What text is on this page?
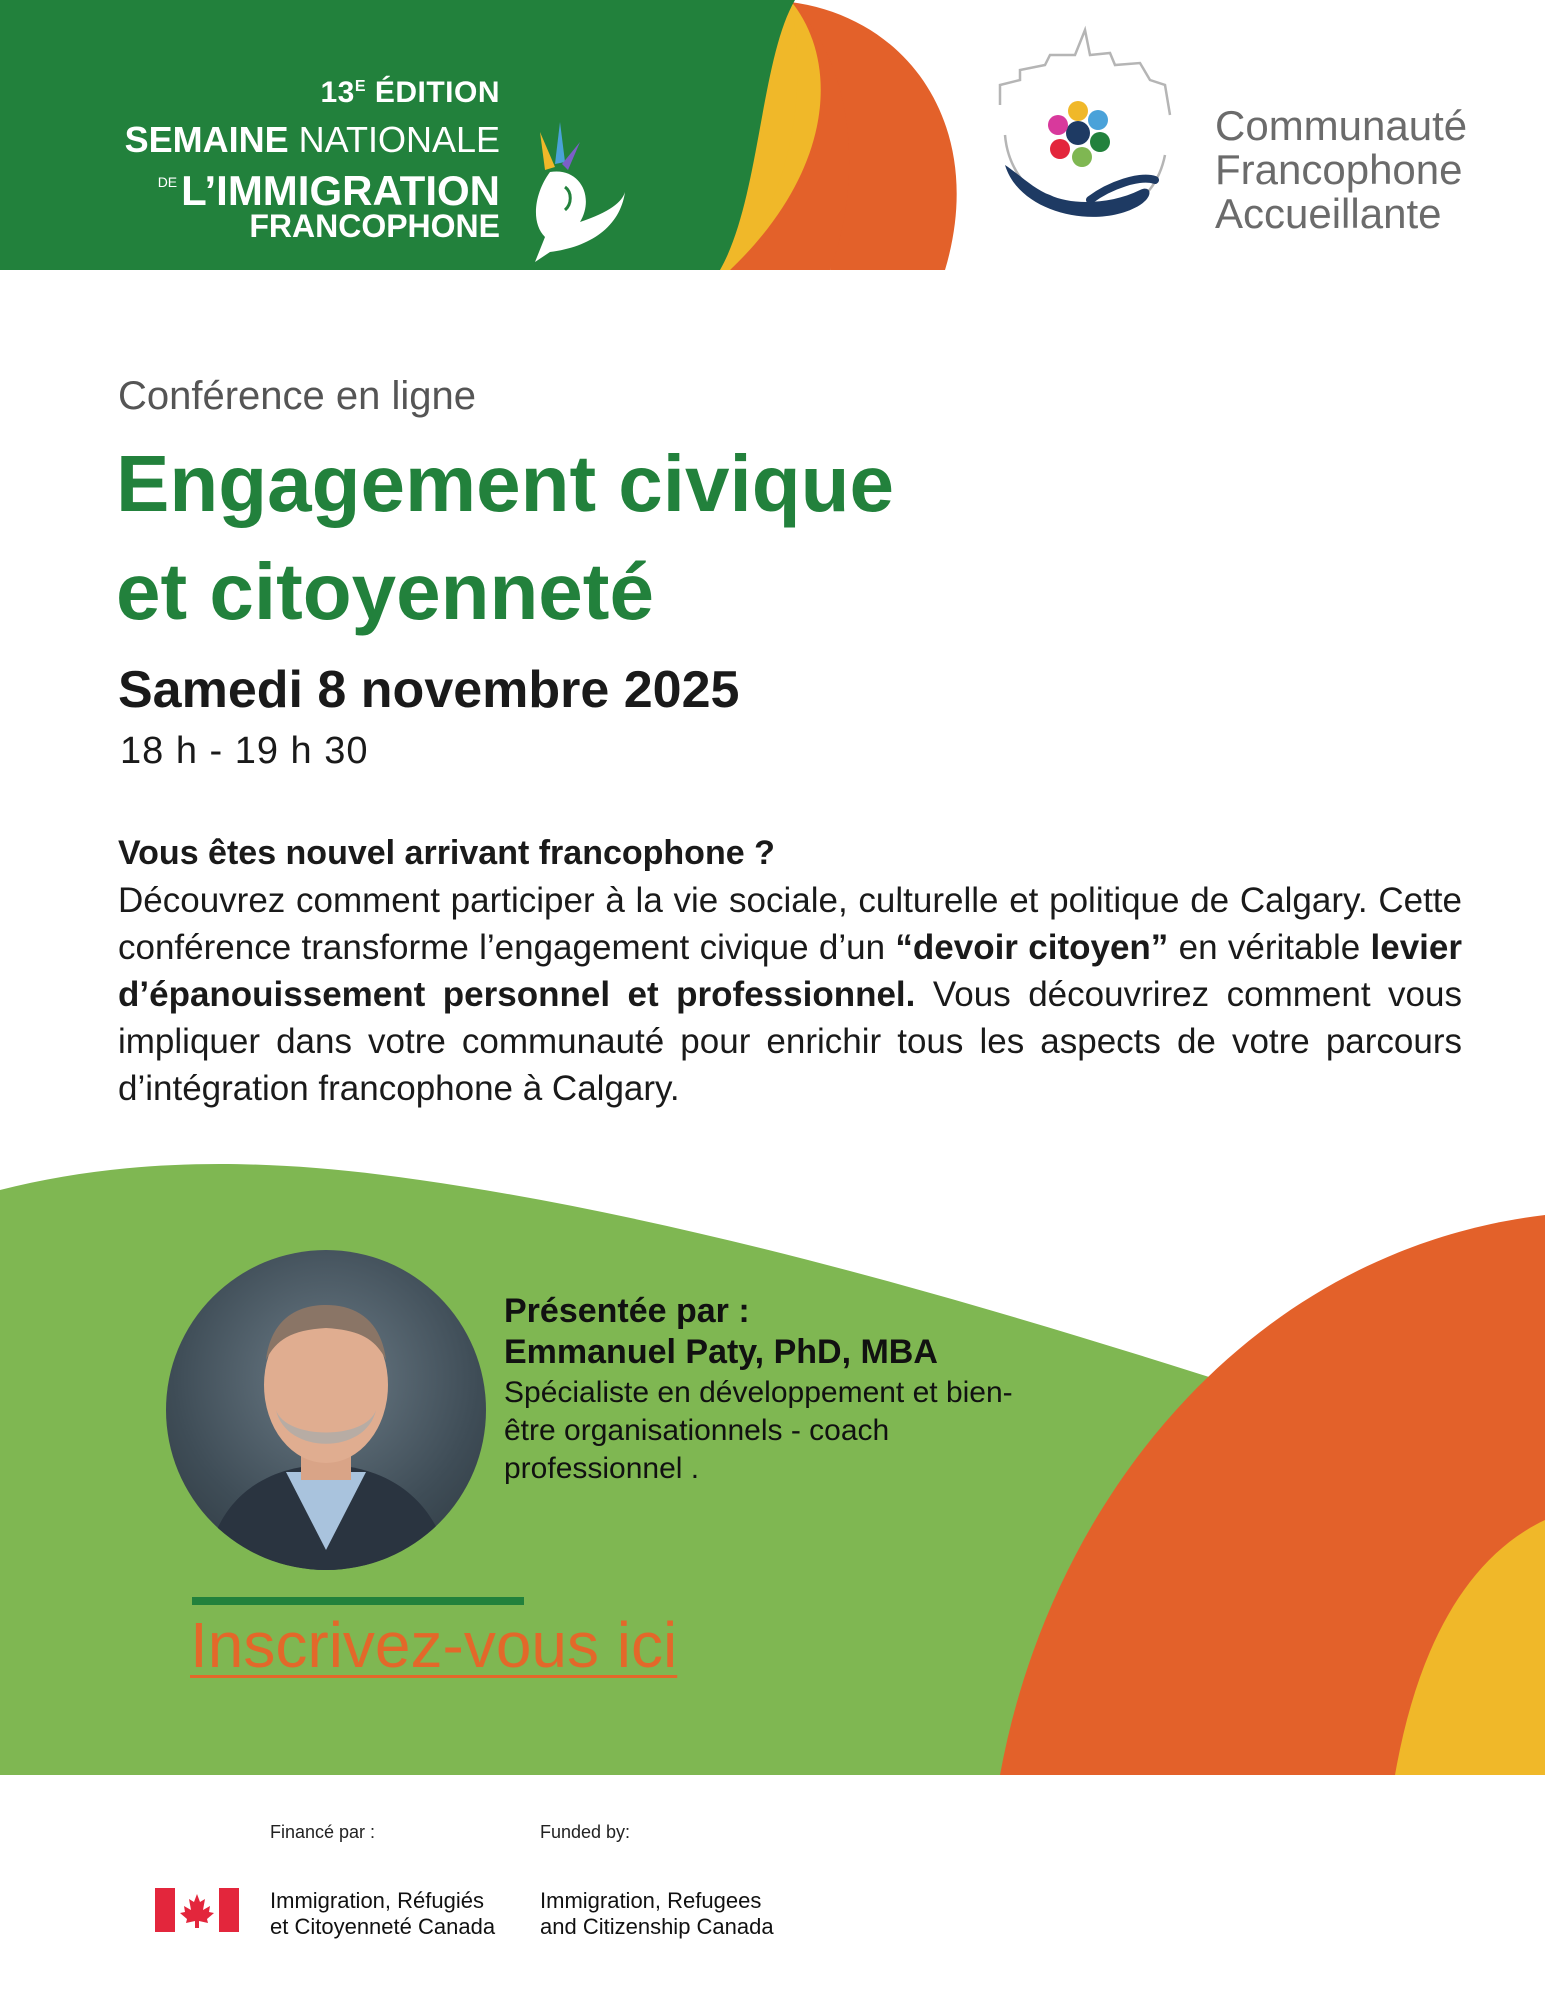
$13^E$ ÉDITION
SEMAINE NATIONALE
$^{DE}$L’IMMIGRATION
FRANCOPHONE
Communauté
Francophone
Accueillante
Conférence en ligne
Engagement civique
et citoyenneté
Samedi 8 novembre 2025
18 h - 19 h 30
Vous êtes nouvel arrivant francophone ?
Découvrez comment participer à la vie sociale, culturelle et politique de Calgary. Cette conférence transforme l’engagement civique d’un “devoir citoyen” en véritable levier d’épanouissement personnel et professionnel. Vous découvrirez comment vous impliquer dans votre communauté pour enrichir tous les aspects de votre parcours d’intégration francophone à Calgary.
Présentée par :
Emmanuel Paty, PhD, MBA
Spécialiste en développement et bien-être organisationnels - coach professionnel .
Inscrivez-vous ici
Financé par :	Funded by:
Immigration, Réfugiés
et Citoyenneté Canada
Immigration, Refugees
and Citizenship Canada
